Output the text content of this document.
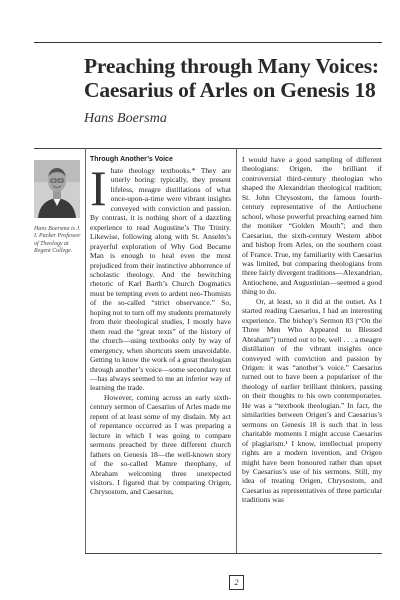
Preaching through Many Voices: Caesarius of Arles on Genesis 18
Hans Boersma
Hans Boersma is J. I. Packer Professor of Theology at Regent College.
Through Another’s Voice

Ihate theology textbooks.* They are utterly boring: typically, they present lifeless, meagre distillations of what once-upon-a-time were vibrant insights conveyed with conviction and passion. By contrast, it is nothing short of a dazzling experience to read Augustine’s The Trinity. Likewise, following along with St. Anselm’s prayerful exploration of Why God Became Man is enough to heal even the most prejudiced from their instinctive abhorrence of scholastic theology. And the bewitching rhetoric of Karl Barth’s Church Dogmatics must be tempting even to ardent neo-Thomists of the so-called “strict observance.” So, hoping not to turn off my students prematurely from their theological studies, I mostly have them read the “great texts” of the history of the church—using textbooks only by way of emergency, when shortcuts seem unavoidable. Getting to know the work of a great theologian through another’s voice—some secondary text—has always seemed to me an inferior way of learning the trade.

However, coming across an early sixth-century sermon of Caesarius of Arles made me repent of at least some of my disdain. My act of repentance occurred as I was preparing a lecture in which I was going to compare sermons preached by three different church fathers on Genesis 18—the well-known story of the so-called Mamre theophany, of Abraham welcoming three unexpected visitors. I figured that by comparing Origen, Chrysostom, and Caesarius,

I would have a good sampling of different theologians: Origen, the brilliant if controversial third-century theologian who shaped the Alexandrian theological tradition; St. John Chrysostom, the famous fourth-century representative of the Antiochene school, whose powerful preaching earned him the moniker “Golden Mouth”; and then Caesarius, the sixth-century Western abbot and bishop from Arles, on the southern coast of France. True, my familiarity with Caesarius was limited, but comparing theologians from three fairly divergent traditions—Alexandrian, Antiochene, and Augustinian—seemed a good thing to do.

Or, at least, so it did at the outset. As I started reading Caesarius, I had an interesting experience. The bishop’s Sermon 83 (“On the Three Men Who Appeared to Blessed Abraham”) turned out to be, well . . . a meagre distillation of the vibrant insights once conveyed with conviction and passion by Origen: it was “another’s voice.” Caesarius turned out to have been a populariser of the theology of earlier brilliant thinkers, passing on their thoughts to his own contemporaries. He was a “textbook theologian.” In fact, the similarities between Origen’s and Caesarius’s sermons on Genesis 18 is such that in less charitable moments I might accuse Caesarius of plagiarism.¹ I know, intellectual property rights are a modern invention, and Origen might have been honoured rather than upset by Caesarius’s use of his sermons. Still, my idea of treating Origen, Chrysostom, and Caesarius as representatives of three particular traditions was

2
